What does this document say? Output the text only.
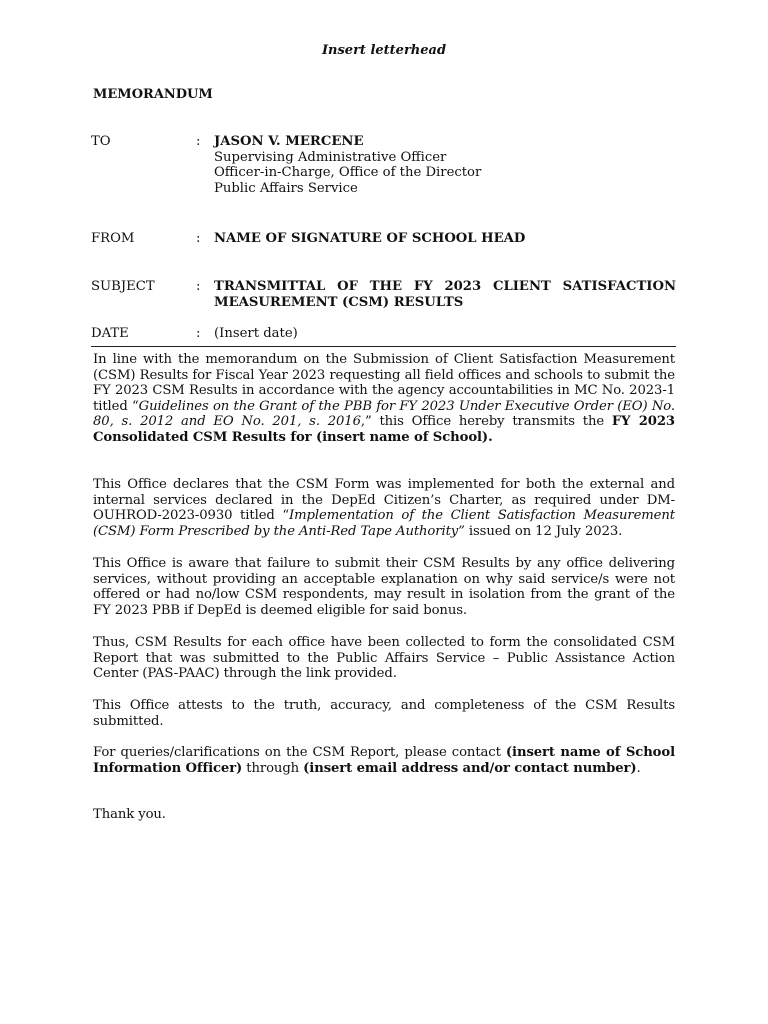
Insert letterhead
MEMORANDUM
TO	: JASON V. MERCENE
Supervising Administrative Officer
Officer-in-Charge, Office of the Director
Public Affairs Service
FROM	: NAME OF SIGNATURE OF SCHOOL HEAD
SUBJECT	: TRANSMITTAL OF THE FY 2023 CLIENT SATISFACTION MEASUREMENT (CSM) RESULTS
DATE	: (Insert date)
In line with the memorandum on the Submission of Client Satisfaction Measurement (CSM) Results for Fiscal Year 2023 requesting all field offices and schools to submit the FY 2023 CSM Results in accordance with the agency accountabilities in MC No. 2023-1 titled “Guidelines on the Grant of the PBB for FY 2023 Under Executive Order (EO) No. 80, s. 2012 and EO No. 201, s. 2016,” this Office hereby transmits the FY 2023 Consolidated CSM Results for (insert name of School).
This Office declares that the CSM Form was implemented for both the external and internal services declared in the DepEd Citizen’s Charter, as required under DM-OUHROD-2023-0930 titled “Implementation of the Client Satisfaction Measurement (CSM) Form Prescribed by the Anti-Red Tape Authority” issued on 12 July 2023.
This Office is aware that failure to submit their CSM Results by any office delivering services, without providing an acceptable explanation on why said service/s were not offered or had no/low CSM respondents, may result in isolation from the grant of the FY 2023 PBB if DepEd is deemed eligible for said bonus.
Thus, CSM Results for each office have been collected to form the consolidated CSM Report that was submitted to the Public Affairs Service – Public Assistance Action Center (PAS-PAAC) through the link provided.
This Office attests to the truth, accuracy, and completeness of the CSM Results submitted.
For queries/clarifications on the CSM Report, please contact (insert name of School Information Officer) through (insert email address and/or contact number).
Thank you.
